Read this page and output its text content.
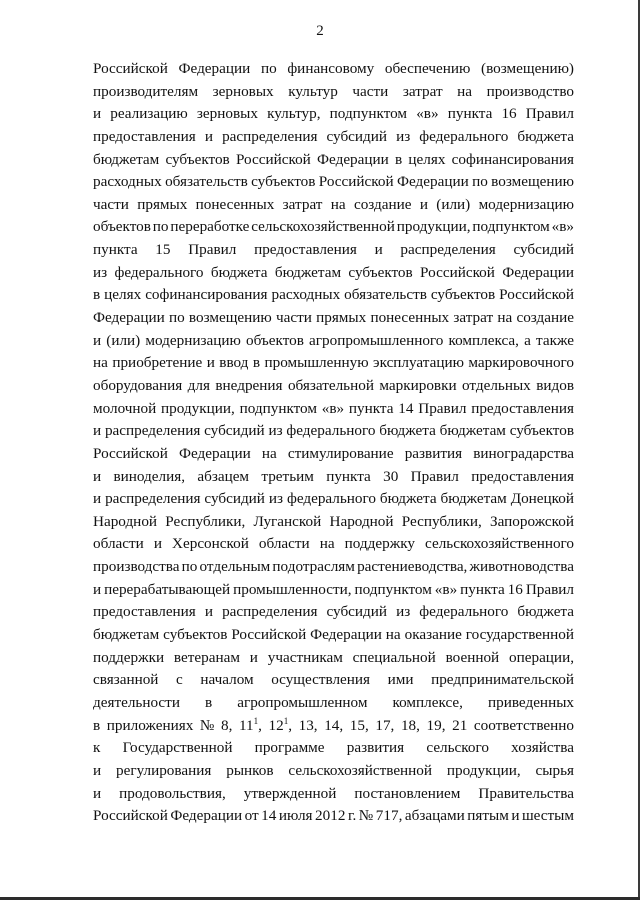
2
Российской Федерации по финансовому обеспечению (возмещению)
производителям зерновых культур части затрат на производство
и реализацию зерновых культур, подпунктом «в» пункта 16 Правил
предоставления и распределения субсидий из федерального бюджета
бюджетам субъектов Российской Федерации в целях софинансирования
расходных обязательств субъектов Российской Федерации по возмещению
части прямых понесенных затрат на создание и (или) модернизацию
объектов по переработке сельскохозяйственной продукции, подпунктом «в»
пункта 15 Правил предоставления и распределения субсидий
из федерального бюджета бюджетам субъектов Российской Федерации
в целях софинансирования расходных обязательств субъектов Российской
Федерации по возмещению части прямых понесенных затрат на создание
и (или) модернизацию объектов агропромышленного комплекса, а также
на приобретение и ввод в промышленную эксплуатацию маркировочного
оборудования для внедрения обязательной маркировки отдельных видов
молочной продукции, подпунктом «в» пункта 14 Правил предоставления
и распределения субсидий из федерального бюджета бюджетам субъектов
Российской Федерации на стимулирование развития виноградарства
и виноделия, абзацем третьим пункта 30 Правил предоставления
и распределения субсидий из федерального бюджета бюджетам Донецкой
Народной Республики, Луганской Народной Республики, Запорожской
области и Херсонской области на поддержку сельскохозяйственного
производства по отдельным подотраслям растениеводства, животноводства
и перерабатывающей промышленности, подпунктом «в» пункта 16 Правил
предоставления и распределения субсидий из федерального бюджета
бюджетам субъектов Российской Федерации на оказание государственной
поддержки ветеранам и участникам специальной военной операции,
связанной с началом осуществления ими предпринимательской
деятельности в агропромышленном комплексе, приведенных
в приложениях № 8, $11^1$, $12^1$, 13, 14, 15, 17, 18, 19, 21 соответственно
к Государственной программе развития сельского хозяйства
и регулирования рынков сельскохозяйственной продукции, сырья
и продовольствия, утвержденной постановлением Правительства
Российской Федерации от 14 июля 2012 г. № 717, абзацами пятым и шестым
